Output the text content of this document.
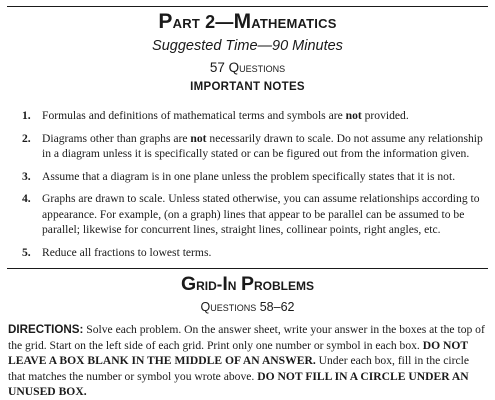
Part 2—Mathematics
Suggested Time—90 Minutes
57 Questions
IMPORTANT NOTES
1. Formulas and definitions of mathematical terms and symbols are not provided.
2. Diagrams other than graphs are not necessarily drawn to scale. Do not assume any relationship in a diagram unless it is specifically stated or can be figured out from the information given.
3. Assume that a diagram is in one plane unless the problem specifically states that it is not.
4. Graphs are drawn to scale. Unless stated otherwise, you can assume relationships according to appearance. For example, (on a graph) lines that appear to be parallel can be assumed to be parallel; likewise for concurrent lines, straight lines, collinear points, right angles, etc.
5. Reduce all fractions to lowest terms.
Grid-In Problems
Questions 58–62

DIRECTIONS: Solve each problem. On the answer sheet, write your answer in the boxes at the top of the grid. Start on the left side of each grid. Print only one number or symbol in each box. DO NOT LEAVE A BOX BLANK IN THE MIDDLE OF AN ANSWER. Under each box, fill in the circle that matches the number or symbol you wrote above. DO NOT FILL IN A CIRCLE UNDER AN UNUSED BOX.
